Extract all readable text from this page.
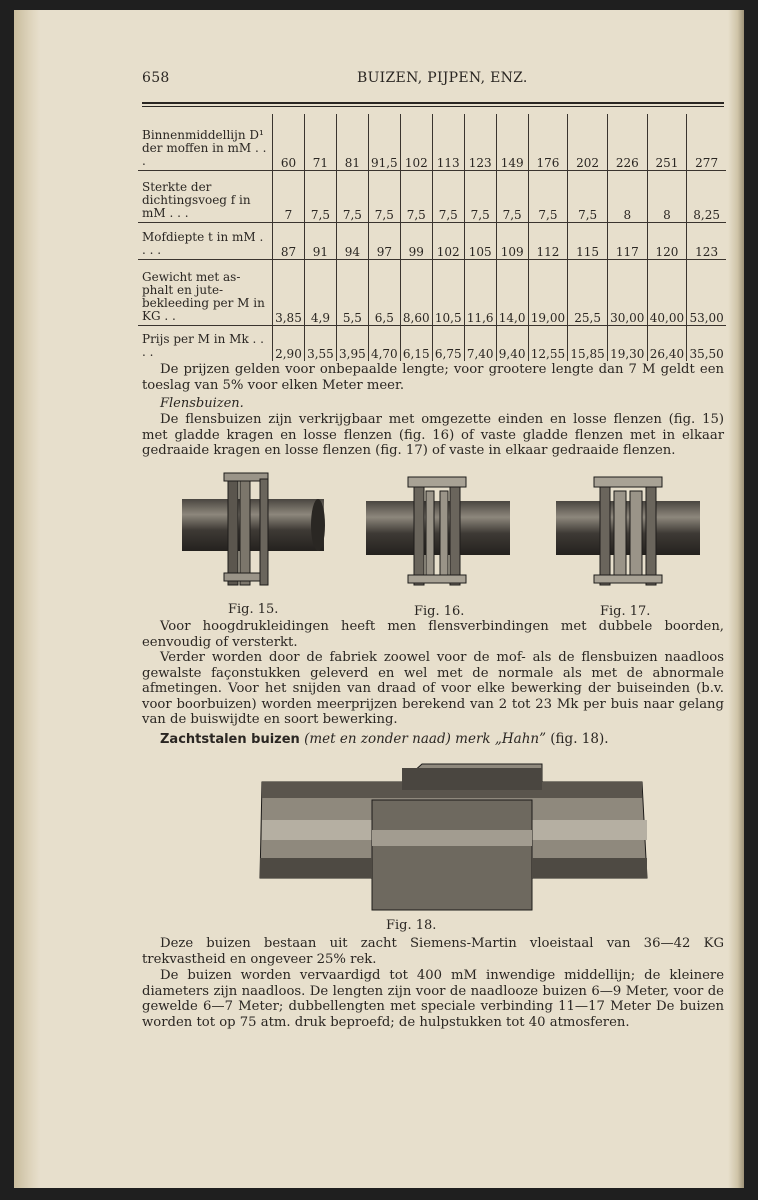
658	BUIZEN, PIJPEN, ENZ.
Binnenmiddellijn D¹ der moffen in mM . . .	60	71	81	91,5	102	113	123	149	176	202	226	251	277
Sterkte der dichtingsvoeg f in mM . . .	7	7,5	7,5	7,5	7,5	7,5	7,5	7,5	7,5	7,5	8	8	8,25
Mofdiepte t in mM . . . .	87	91	94	97	99	102	105	109	112	115	117	120	123
Gewicht met as-phalt en jute-bekleeding per M in KG . .	3,85	4,9	5,5	6,5	8,60	10,5	11,6	14,0	19,00	25,5	30,00	40,00	53,00
Prijs per M in Mk . . . .	2,90	3,55	3,95	4,70	6,15	6,75	7,40	9,40	12,55	15,85	19,30	26,40	35,50

De prijzen gelden voor onbepaalde lengte; voor grootere lengte dan 7 M geldt een toeslag van 5% voor elken Meter meer.

Flensbuizen.

De flensbuizen zijn verkrijgbaar met omgezette einden en losse flenzen (fig. 15) met gladde kragen en losse flenzen (fig. 16) of vaste gladde flenzen met in elkaar gedraaide kragen en losse flenzen (fig. 17) of vaste in elkaar gedraaide flenzen.

Fig. 15.	Fig. 16.	Fig. 17.

Voor hoogdrukleidingen heeft men flensverbindingen met dubbele boorden, eenvoudig of versterkt.

Verder worden door de fabriek zoowel voor de mof- als de flensbuizen naadloos gewalste façonstukken geleverd en wel met de normale als met de abnormale afmetingen. Voor het snijden van draad of voor elke bewerking der buiseinden (b.v. voor boorbuizen) worden meerprijzen berekend van 2 tot 23 Mk per buis naar gelang van de buiswijdte en soort bewerking.

Zachtstalen buizen (met en zonder naad) merk „Hahn” (fig. 18).
Fig. 18.

Deze buizen bestaan uit zacht Siemens-Martin vloeistaal van 36—42 KG trekvastheid en ongeveer 25% rek.

De buizen worden vervaardigd tot 400 mM inwendige middellijn; de kleinere diameters zijn naadloos. De lengten zijn voor de naadlooze buizen 6—9 Meter, voor de gewelde 6—7 Meter; dubbellengten met speciale verbinding 11—17 Meter De buizen worden tot op 75 atm. druk beproefd; de hulpstukken tot 40 atmosferen.
